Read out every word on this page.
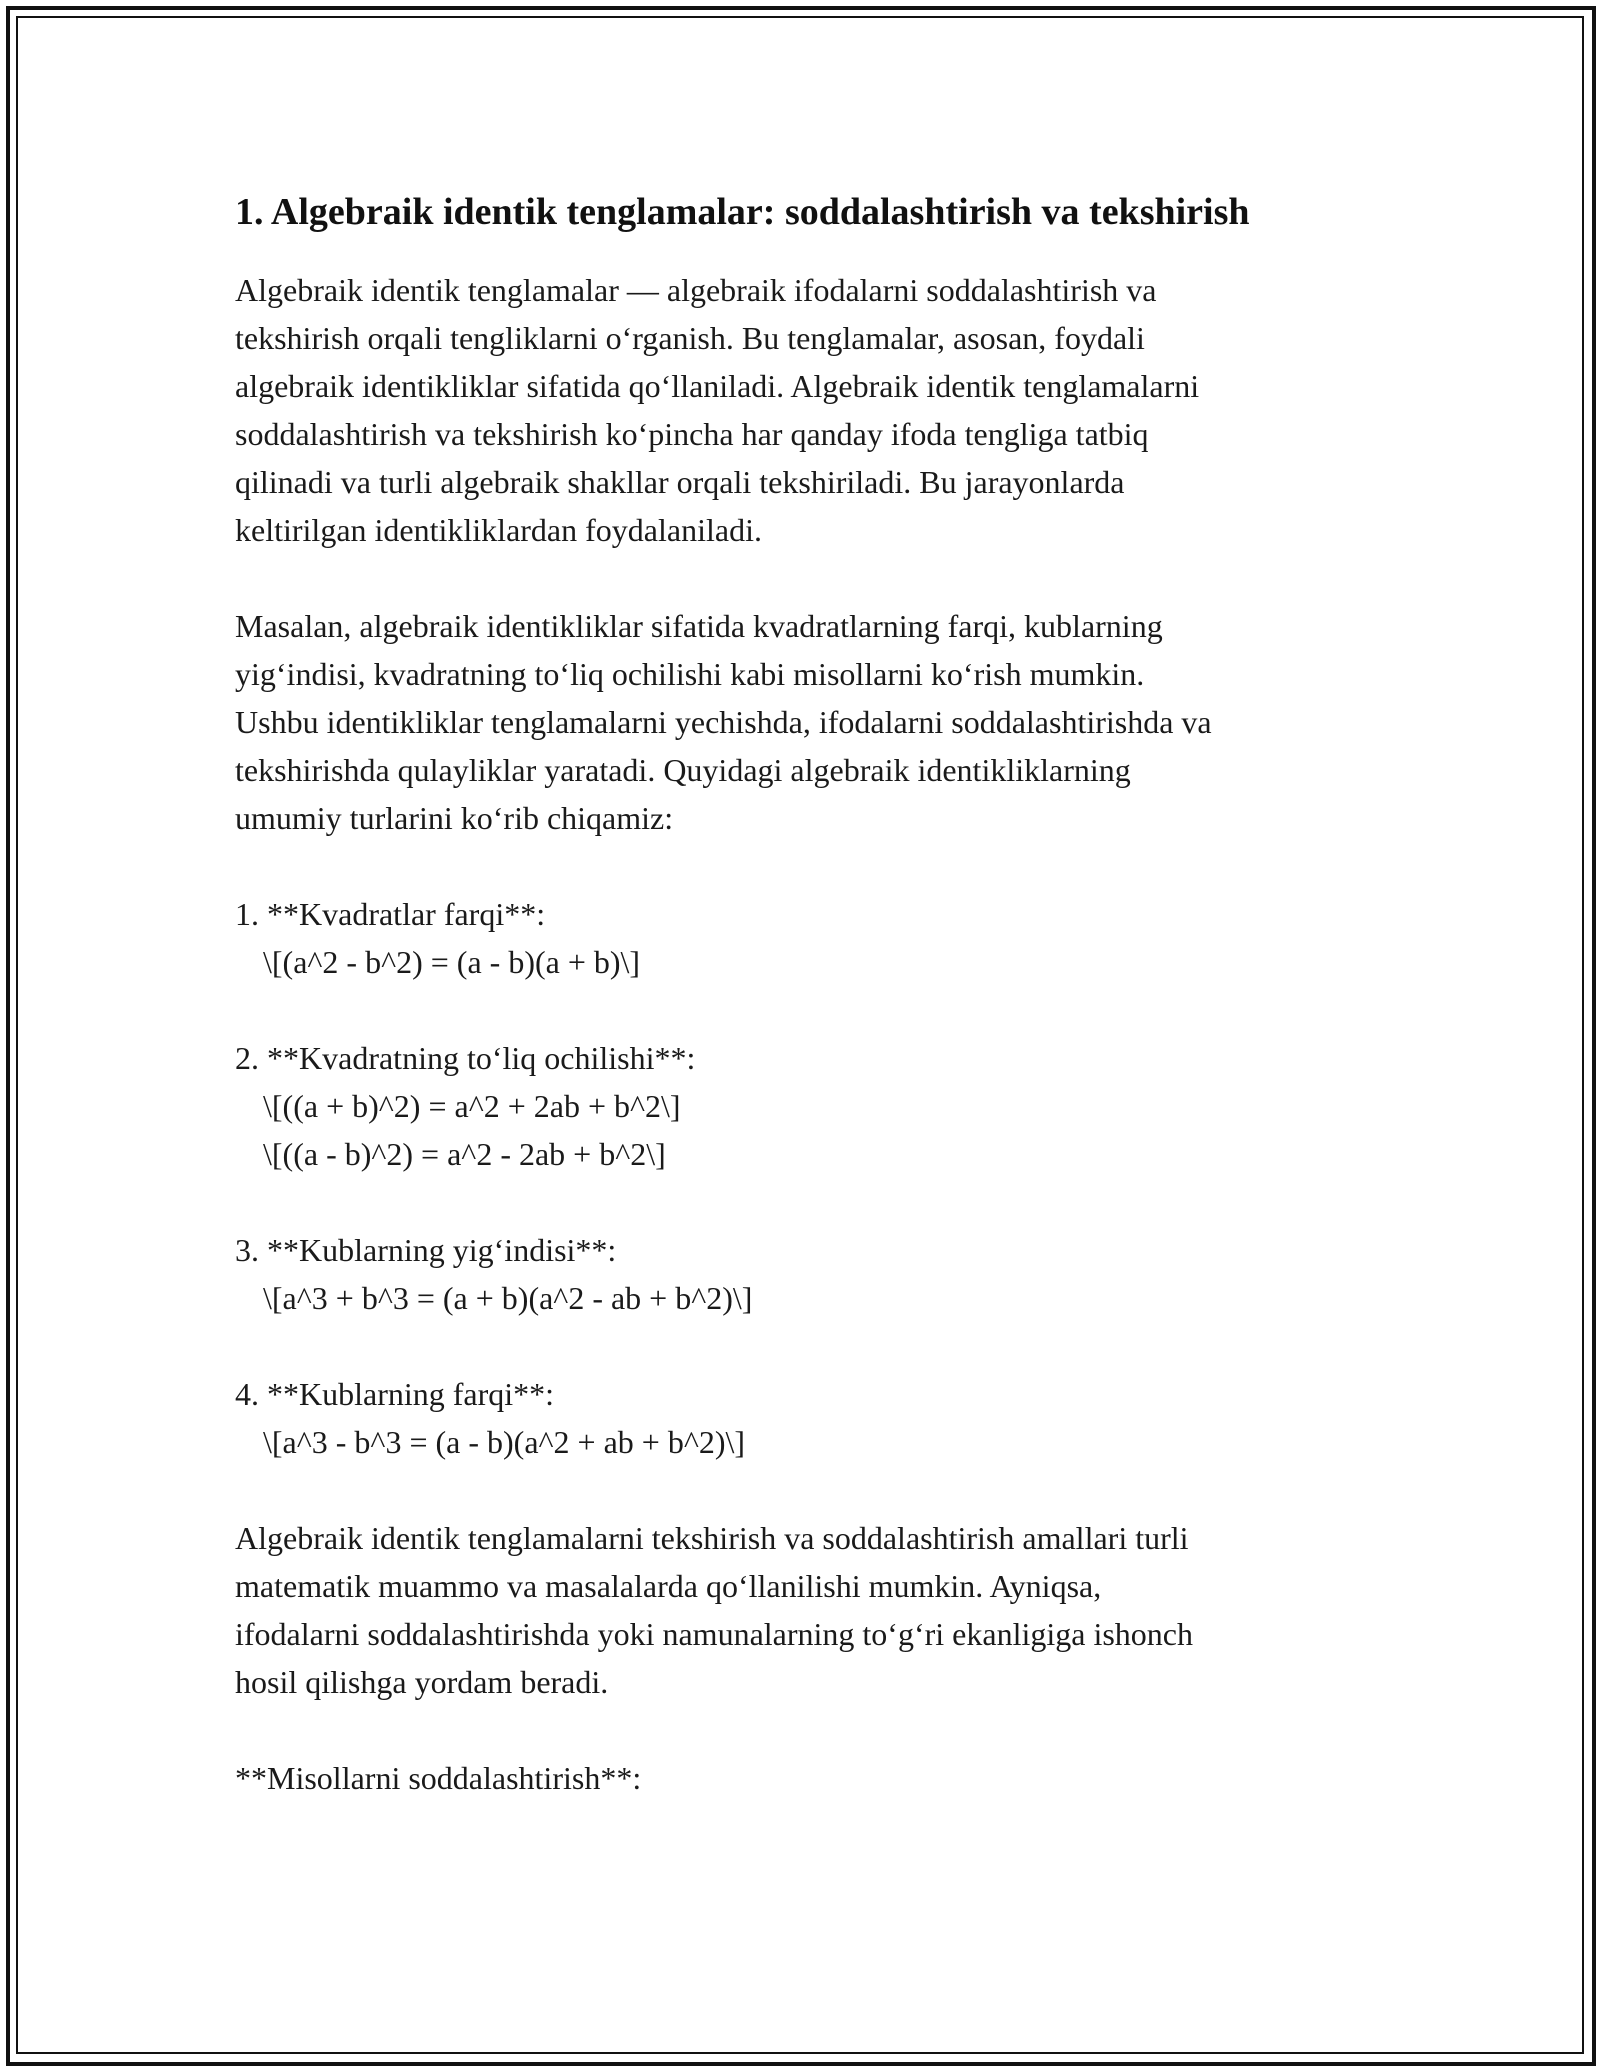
1. Algebraik identik tenglamalar: soddalashtirish va tekshirish

Algebraik identik tenglamalar — algebraik ifodalarni soddalashtirish va

tekshirish orqali tengliklarni o‘rganish. Bu tenglamalar, asosan, foydali

algebraik identikliklar sifatida qo‘llaniladi. Algebraik identik tenglamalarni

soddalashtirish va tekshirish ko‘pincha har qanday ifoda tengliga tatbiq

qilinadi va turli algebraik shakllar orqali tekshiriladi. Bu jarayonlarda

keltirilgan identikliklardan foydalaniladi.

Masalan, algebraik identikliklar sifatida kvadratlarning farqi, kublarning

yig‘indisi, kvadratning to‘liq ochilishi kabi misollarni ko‘rish mumkin.

Ushbu identikliklar tenglamalarni yechishda, ifodalarni soddalashtirishda va

tekshirishda qulayliklar yaratadi. Quyidagi algebraik identikliklarning

umumiy turlarini ko‘rib chiqamiz:

1. **Kvadratlar farqi**:

\[(a^2 - b^2) = (a - b)(a + b)\]

2. **Kvadratning to‘liq ochilishi**:

\[((a + b)^2) = a^2 + 2ab + b^2\]

\[((a - b)^2) = a^2 - 2ab + b^2\]

3. **Kublarning yig‘indisi**:

\[a^3 + b^3 = (a + b)(a^2 - ab + b^2)\]

4. **Kublarning farqi**:

\[a^3 - b^3 = (a - b)(a^2 + ab + b^2)\]

Algebraik identik tenglamalarni tekshirish va soddalashtirish amallari turli

matematik muammo va masalalarda qo‘llanilishi mumkin. Ayniqsa,

ifodalarni soddalashtirishda yoki namunalarning to‘g‘ri ekanligiga ishonch

hosil qilishga yordam beradi.

**Misollarni soddalashtirish**:
